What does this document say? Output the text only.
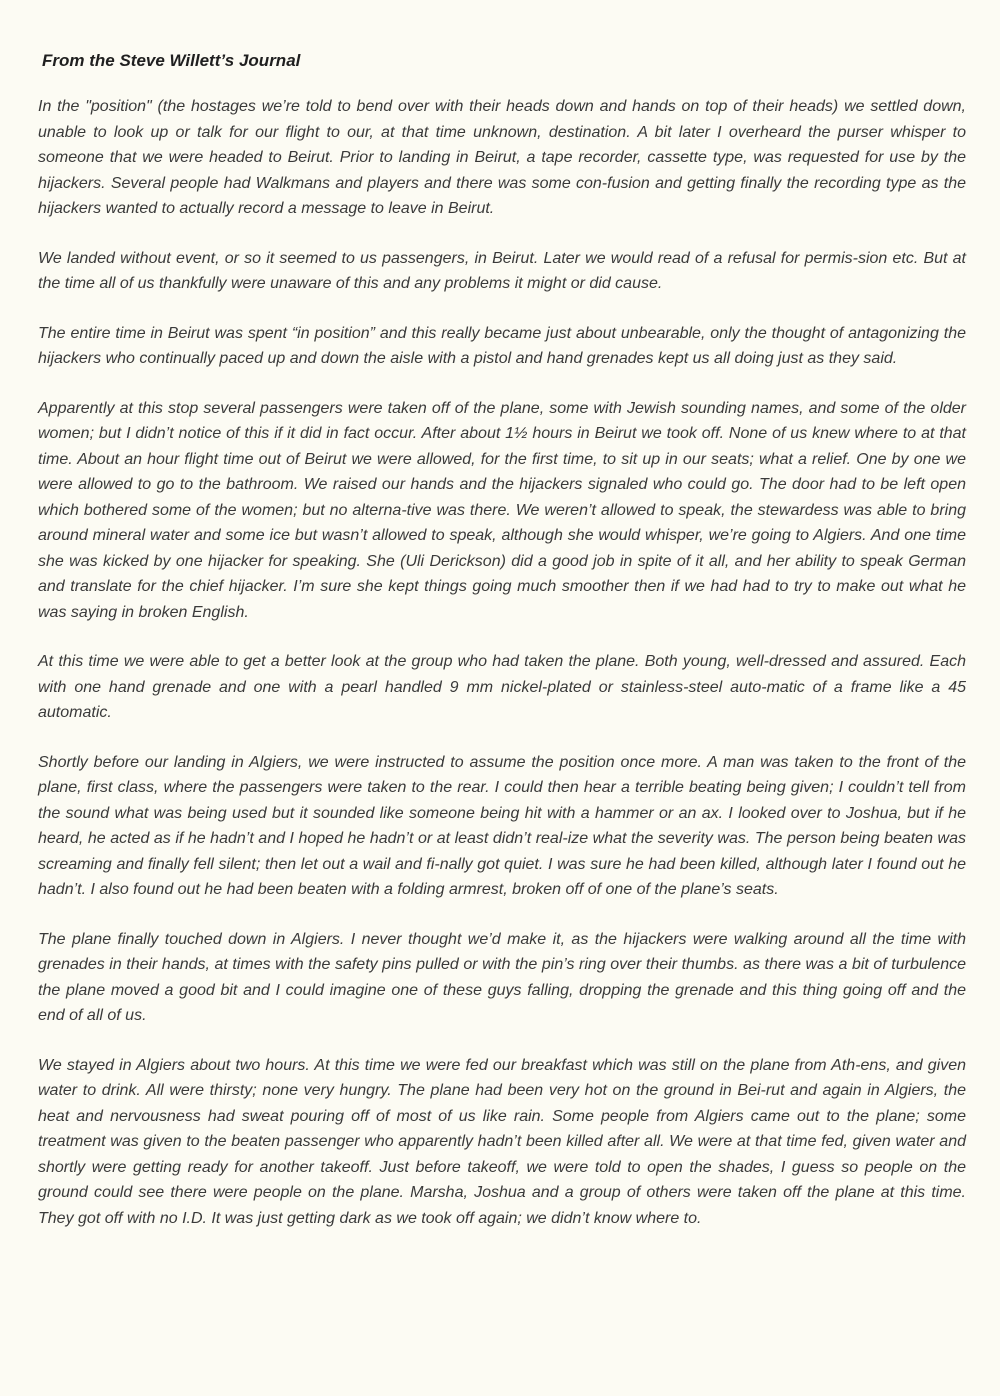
From the Steve Willett’s Journal

In the "position" (the hostages we’re told to bend over with their heads down and hands on top of their heads) we settled down, unable to look up or talk for our flight to our, at that time unknown, destination. A bit later I overheard the purser whisper to someone that we were headed to Beirut. Prior to landing in Beirut, a tape recorder, cassette type, was requested for use by the hijackers. Several people had Walkmans and players and there was some con-fusion and getting finally the recording type as the hijackers wanted to actually record a message to leave in Beirut.

We landed without event, or so it seemed to us passengers, in Beirut. Later we would read of a refusal for permis-sion etc. But at the time all of us thankfully were unaware of this and any problems it might or did cause.

The entire time in Beirut was spent “in position” and this really became just about unbearable, only the thought of antagonizing the hijackers who continually paced up and down the aisle with a pistol and hand grenades kept us all doing just as they said.

Apparently at this stop several passengers were taken off of the plane, some with Jewish sounding names, and some of the older women; but I didn’t notice of this if it did in fact occur. After about 1½ hours in Beirut we took off. None of us knew where to at that time. About an hour flight time out of Beirut we were allowed, for the first time, to sit up in our seats; what a relief. One by one we were allowed to go to the bathroom. We raised our hands and the hijackers signaled who could go. The door had to be left open which bothered some of the women; but no alterna-tive was there. We weren’t allowed to speak, the stewardess was able to bring around mineral water and some ice but wasn’t allowed to speak, although she would whisper, we’re going to Algiers. And one time she was kicked by one hijacker for speaking. She (Uli Derickson) did a good job in spite of it all, and her ability to speak German and translate for the chief hijacker. I’m sure she kept things going much smoother then if we had had to try to make out what he was saying in broken English.

At this time we were able to get a better look at the group who had taken the plane. Both young, well-dressed and assured. Each with one hand grenade and one with a pearl handled 9 mm nickel-plated or stainless-steel auto-matic of a frame like a 45 automatic.

Shortly before our landing in Algiers, we were instructed to assume the position once more. A man was taken to the front of the plane, first class, where the passengers were taken to the rear. I could then hear a terrible beating being given; I couldn’t tell from the sound what was being used but it sounded like someone being hit with a hammer or an ax. I looked over to Joshua, but if he heard, he acted as if he hadn’t and I hoped he hadn’t or at least didn’t real-ize what the severity was. The person being beaten was screaming and finally fell silent; then let out a wail and fi-nally got quiet. I was sure he had been killed, although later I found out he hadn’t. I also found out he had been beaten with a folding armrest, broken off of one of the plane’s seats.

The plane finally touched down in Algiers. I never thought we’d make it, as the hijackers were walking around all the time with grenades in their hands, at times with the safety pins pulled or with the pin’s ring over their thumbs. as there was a bit of turbulence the plane moved a good bit and I could imagine one of these guys falling, dropping the grenade and this thing going off and the end of all of us.

We stayed in Algiers about two hours. At this time we were fed our breakfast which was still on the plane from Ath-ens, and given water to drink. All were thirsty; none very hungry. The plane had been very hot on the ground in Bei-rut and again in Algiers, the heat and nervousness had sweat pouring off of most of us like rain. Some people from Algiers came out to the plane; some treatment was given to the beaten passenger who apparently hadn’t been killed after all. We were at that time fed, given water and shortly were getting ready for another takeoff. Just before takeoff, we were told to open the shades, I guess so people on the ground could see there were people on the plane. Marsha, Joshua and a group of others were taken off the plane at this time. They got off with no I.D. It was just getting dark as we took off again; we didn’t know where to.
